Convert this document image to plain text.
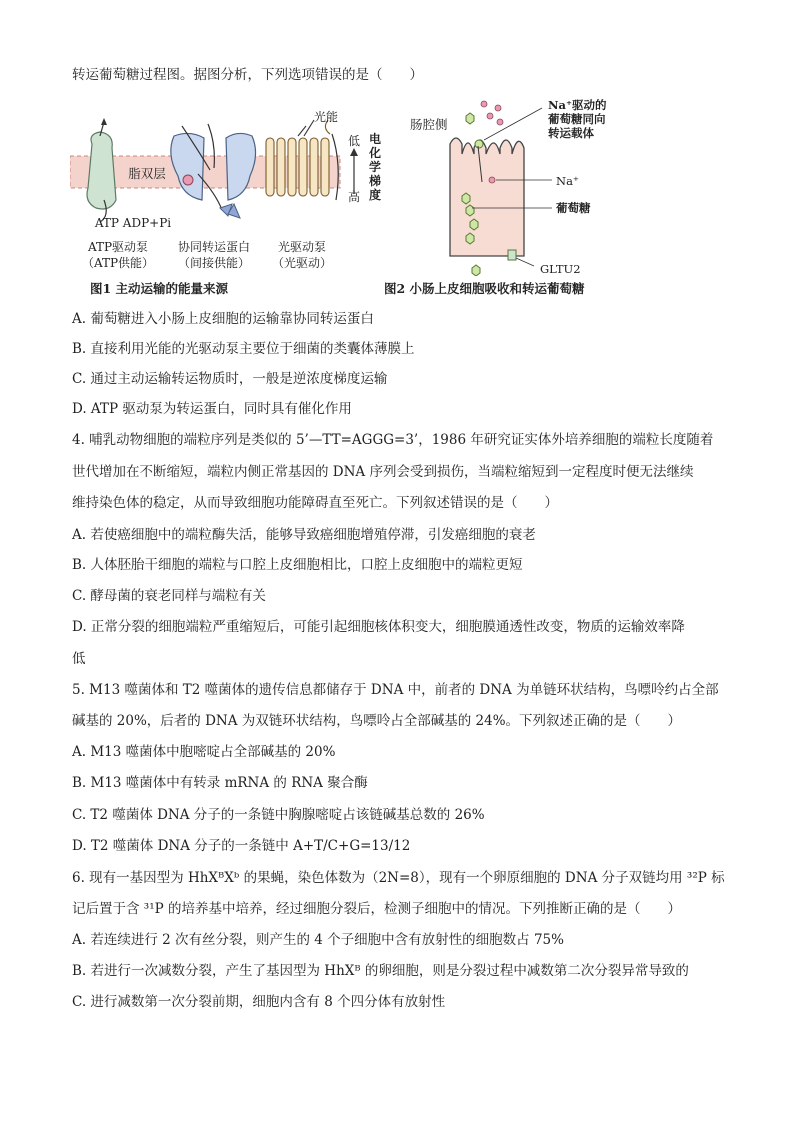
转运葡萄糖过程图。据图分析，下列选项错误的是（　　）
脂双层
光能
低
高
电化学梯度
ATP ADP+Pi
ATP驱动泵
（ATP供能）
协同转运蛋白
（间接供能）
光驱动泵
（光驱动）
图1 主动运输的能量来源
肠腔侧
Na⁺驱动的
葡萄糖同向
转运载体
Na⁺
葡萄糖
GLTU2
图2 小肠上皮细胞吸收和转运葡萄糖
A. 葡萄糖进入小肠上皮细胞的运输靠协同转运蛋白
B. 直接利用光能的光驱动泵主要位于细菌的类囊体薄膜上
C. 通过主动运输转运物质时，一般是逆浓度梯度运输
D. ATP 驱动泵为转运蛋白，同时具有催化作用
4. 哺乳动物细胞的端粒序列是类似的 5’—TT=AGGG=3’，1986 年研究证实体外培养细胞的端粒长度随着
世代增加在不断缩短，端粒内侧正常基因的 DNA 序列会受到损伤，当端粒缩短到一定程度时便无法继续
维持染色体的稳定，从而导致细胞功能障碍直至死亡。下列叙述错误的是（　　）
A. 若使癌细胞中的端粒酶失活，能够导致癌细胞增殖停滞，引发癌细胞的衰老
B. 人体胚胎干细胞的端粒与口腔上皮细胞相比，口腔上皮细胞中的端粒更短
C. 酵母菌的衰老同样与端粒有关
D. 正常分裂的细胞端粒严重缩短后，可能引起细胞核体积变大，细胞膜通透性改变，物质的运输效率降
低
5. M13 噬菌体和 T2 噬菌体的遗传信息都储存于 DNA 中，前者的 DNA 为单链环状结构，鸟嘌呤约占全部
碱基的 20%，后者的 DNA 为双链环状结构，鸟嘌呤占全部碱基的 24%。下列叙述正确的是（　　）
A. M13 噬菌体中胞嘧啶占全部碱基的 20%
B. M13 噬菌体中有转录 mRNA 的 RNA 聚合酶
C. T2 噬菌体 DNA 分子的一条链中胸腺嘧啶占该链碱基总数的 26%
D. T2 噬菌体 DNA 分子的一条链中 A+T/C+G=13/12
6. 现有一基因型为 HhXᴮXᵇ 的果蝇，染色体数为（2N=8），现有一个卵原细胞的 DNA 分子双链均用 ³²P 标
记后置于含 ³¹P 的培养基中培养，经过细胞分裂后，检测子细胞中的情况。下列推断正确的是（　　）
A. 若连续进行 2 次有丝分裂，则产生的 4 个子细胞中含有放射性的细胞数占 75%
B. 若进行一次减数分裂，产生了基因型为 HhXᴮ 的卵细胞，则是分裂过程中减数第二次分裂异常导致的
C. 进行减数第一次分裂前期，细胞内含有 8 个四分体有放射性
